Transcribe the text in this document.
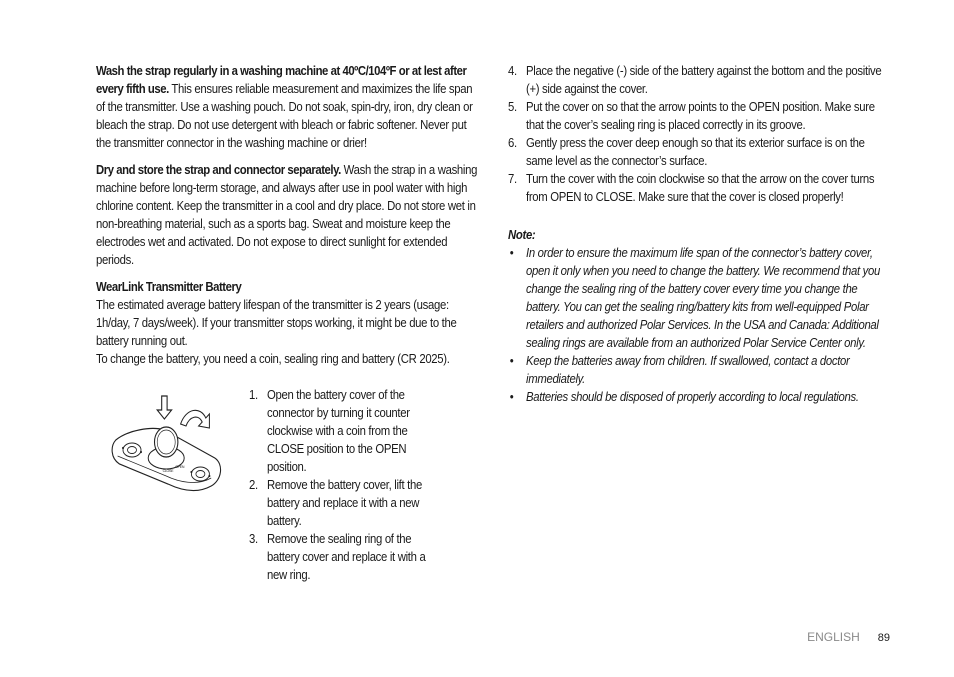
Wash the strap regularly in a washing machine at 40ºC/104ºF or at lest after every fifth use. This ensures reliable measurement and maximizes the life span of the transmitter. Use a washing pouch. Do not soak, spin-dry, iron, dry clean or bleach the strap. Do not use detergent with bleach or fabric softener. Never put the transmitter connector in the washing machine or drier!

Dry and store the strap and connector separately. Wash the strap in a washing machine before long-term storage, and always after use in pool water with high chlorine content. Keep the transmitter in a cool and dry place. Do not store wet in non-breathing material, such as a sports bag. Sweat and moisture keep the electrodes wet and activated. Do not expose to direct sunlight for extended periods.

WearLink Transmitter Battery

The estimated average battery lifespan of the transmitter is 2 years (usage: 1h/day, 7 days/week). If your transmitter stops working, it might be due to the battery running out.

To change the battery, you need a coin, sealing ring and battery (CR 2025).

CLOSE
OPEN
1. Open the battery cover of the connector by turning it counter clockwise with a coin from the CLOSE position to the OPEN position.
2. Remove the battery cover, lift the battery and replace it with a new battery.
3. Remove the sealing ring of the battery cover and replace it with a new ring.
4. Place the negative (-) side of the battery against the bottom and the positive (+) side against the cover.
5. Put the cover on so that the arrow points to the OPEN position. Make sure that the cover’s sealing ring is placed correctly in its groove.
6. Gently press the cover deep enough so that its exterior surface is on the same level as the connector’s surface.
7. Turn the cover with the coin clockwise so that the arrow on the cover turns from OPEN to CLOSE. Make sure that the cover is closed properly!

Note:

• In order to ensure the maximum life span of the connector’s battery cover, open it only when you need to change the battery. We recommend that you change the sealing ring of the battery cover every time you change the battery. You can get the sealing ring/battery kits from well-equipped Polar retailers and authorized Polar Services. In the USA and Canada: Additional sealing rings are available from an authorized Polar Service Center only.
• Keep the batteries away from children. If swallowed, contact a doctor immediately.
• Batteries should be disposed of properly according to local regulations.
ENGLISH 89
